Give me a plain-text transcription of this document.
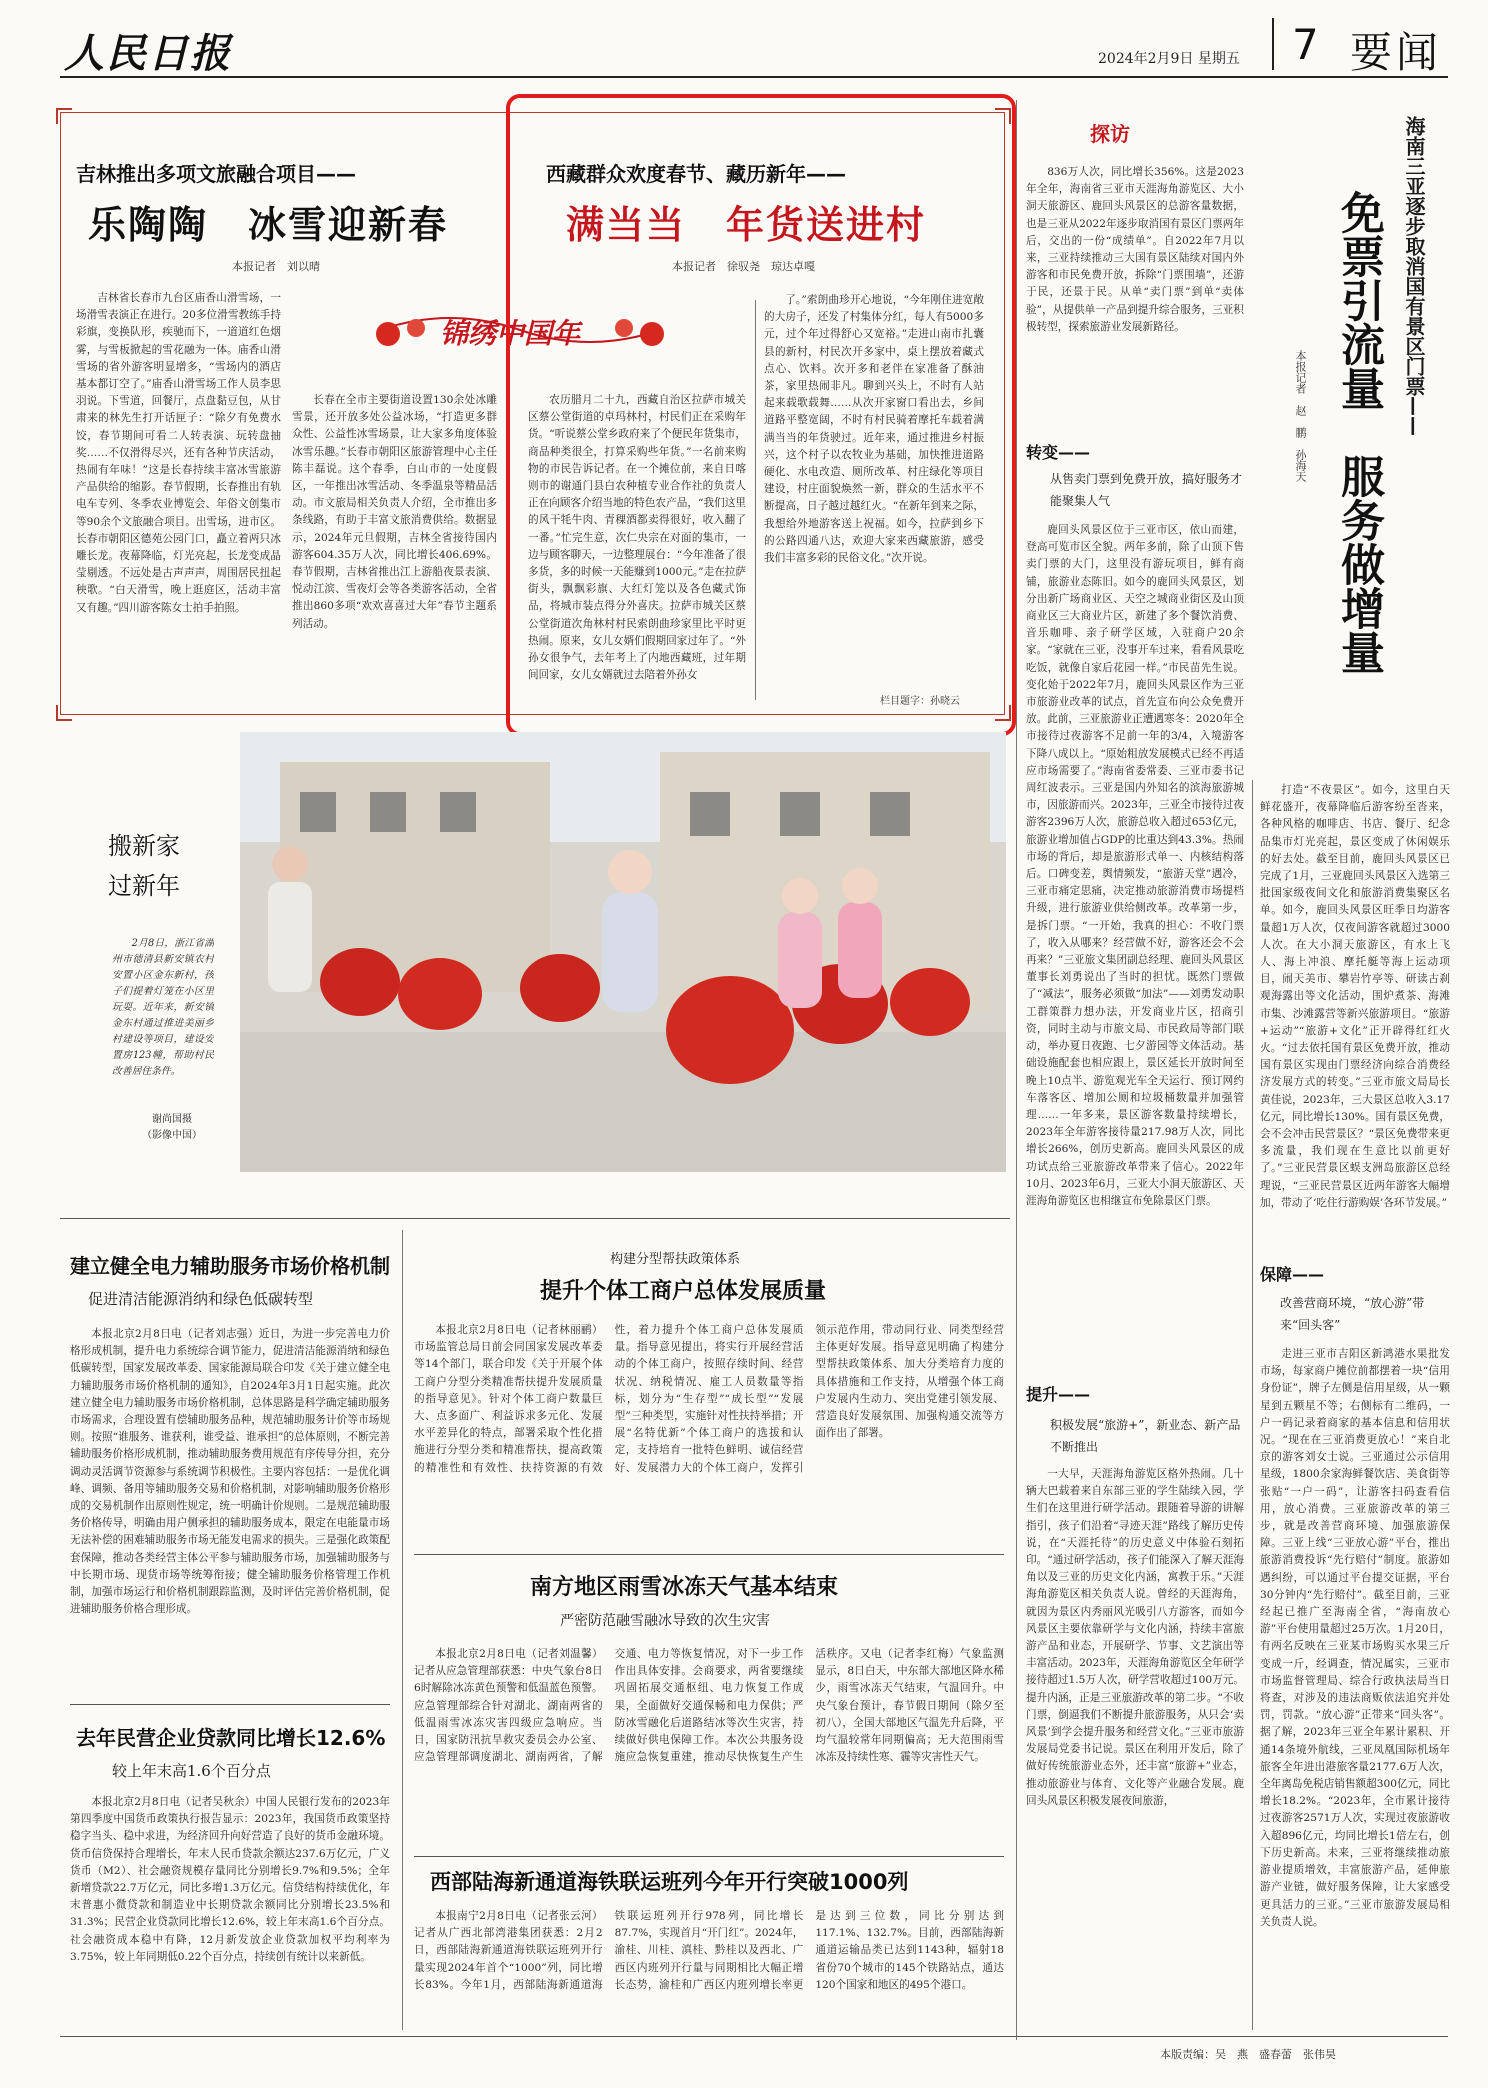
人民日报	2024年2月9日 星期五 7 要闻
吉林推出多项文旅融合项目——
乐陶陶　冰雪迎新春
本报记者　刘以晴

吉林省长春市九台区庙香山滑雪场，一场滑雪表演正在进行。20多位滑雪教练手持彩旗，变换队形，疾驰而下，一道道红色烟雾，与雪板掀起的雪花融为一体。庙香山滑雪场的省外游客明显增多，“雪场内的酒店基本都订空了。”庙香山滑雪场工作人员李思羽说。下雪道，回餐厅，点盘黏豆包，从甘肃来的林先生打开话匣子：“除夕有免费水饺，春节期间可看二人转表演、玩转盘抽奖……不仅滑得尽兴，还有各种节庆活动，热闹有年味！”这是长春持续丰富冰雪旅游产品供给的缩影。春节假期，长春推出有轨电车专列、冬季农业博览会、年俗文创集市等90余个文旅融合项目。出雪场，进市区。长春市朝阳区德苑公园门口，矗立着两只冰雕长龙。夜幕降临，灯光亮起，长龙变成晶莹剔透。不远处是古声声声，周围居民扭起秧歌。“白天滑雪，晚上逛庭区，活动丰富又有趣。”四川游客陈女士拍手拍照。

锦绣中国年

长春在全市主要街道设置130余处冰雕雪景，还开放多处公益冰场，“打造更多群众性、公益性冰雪场景，让大家多角度体验冰雪乐趣。”长春市朝阳区旅游管理中心主任陈丰磊说。这个春季，白山市的一处度假区，一年推出冰雪活动、冬季温泉等精品活动。市文旅局相关负责人介绍，全市推出多条线路，有助于丰富文旅消费供给。数据显示，2024年元旦假期，吉林全省接待国内游客604.35万人次，同比增长406.69%。春节假期，吉林省推出江上游船夜景表演、悦动江滨、雪夜灯会等各类游客活动，全省推出860多项“欢欢喜喜过大年”春节主题系列活动。

西藏群众欢度春节、藏历新年——
满当当　年货送进村
本报记者　徐驭尧　琼达卓嘎

农历腊月二十九，西藏自治区拉萨市城关区蔡公堂街道的卓玛林村，村民们正在采购年货。“听说蔡公堂乡政府来了个便民年货集市，商品种类很全，打算采购些年货。”一名前来购物的市民告诉记者。在一个摊位前，来自日喀则市的谢通门县白农种植专业合作社的负责人正在向顾客介绍当地的特色农产品，“我们这里的风干牦牛肉、青稞酒都卖得很好，收入翻了一番。”忙完生意，次仁央宗在对面的集市，一边与顾客聊天，一边整理展台：“今年准备了很多货，多的时候一天能赚到1000元。”走在拉萨街头，飘飘彩旗、大红灯笼以及各色藏式饰品，将城市装点得分外喜庆。拉萨市城关区蔡公堂街道次角林村村民索朗曲珍家里比平时更热闹。原来，女儿女婿们假期回家过年了。“外孙女很争气，去年考上了内地西藏班，过年期间回家，女儿女婿就过去陪着外孙女

了。”索朗曲珍开心地说，“今年刚住进宽敞的大房子，还发了村集体分红，每人有5000多元，过个年过得舒心又宽裕。”走进山南市扎囊县的新村，村民次开多家中，桌上摆放着藏式点心、饮料。次开多和老伴在家准备了酥油茶，家里热闹非凡。聊到兴头上，不时有人站起来载歌载舞……从次开家窗口看出去，乡间道路平整宽阔，不时有村民骑着摩托车载着满满当当的年货驶过。近年来，通过推进乡村振兴，这个村子以农牧业为基础，加快推进道路硬化、水电改造、厕所改革、村庄绿化等项目建设，村庄面貌焕然一新，群众的生活水平不断提高，日子越过越红火。“在新年到来之际，我想给外地游客送上祝福。如今，拉萨到乡下的公路四通八达，欢迎大家来西藏旅游，感受我们丰富多彩的民俗文化。”次开说。

栏目题字：孙晓云
搬新家
过新年

2月8日，浙江省湖州市德清县新安镇农村安置小区金东新村，孩子们提着灯笼在小区里玩耍。近年来，新安镇金东村通过推进美丽乡村建设等项目，建设安置房123幢，帮助村民改善居住条件。

谢尚国摄
（影像中国）
探访	海南三亚逐步取消国有景区门票——
免票引流量　服务做增量
本报记者　赵　鹏　孙海天

836万人次，同比增长356%。这是2023年全年，海南省三亚市天涯海角游览区、大小洞天旅游区、鹿回头风景区的总游客量数据，也是三亚从2022年逐步取消国有景区门票两年后，交出的一份“成绩单”。自2022年7月以来，三亚持续推动三大国有景区陆续对国内外游客和市民免费开放，拆除“门票围墙”，还游于民，还景于民。从单“卖门票”到单“卖体验”，从提供单一产品到提升综合服务，三亚积极转型，探索旅游业发展新路径。

转变——
从售卖门票到免费开放，搞好服务才能聚集人气

鹿回头风景区位于三亚市区，依山而建，登高可览市区全貌。两年多前，除了山顶下售卖门票的大门，这里没有游玩项目，鲜有商铺，旅游业态陈旧。如今的鹿回头风景区，划分出新广场商业区、天空之城商业街区及山顶商业区三大商业片区，新建了多个餐饮消费、音乐咖啡、亲子研学区域，入驻商户20余家。“家就在三亚，没事开车过来，看看风景吃吃饭，就像自家后花园一样。”市民苗先生说。变化始于2022年7月，鹿回头风景区作为三亚市旅游业改革的试点，首先宣布向公众免费开放。此前，三亚旅游业正遭遇寒冬：2020年全市接待过夜游客不足前一年的3/4，入境游客下降八成以上。“原始粗放发展模式已经不再适应市场需要了。”海南省委常委、三亚市委书记周红波表示。三亚是国内外知名的滨海旅游城市，因旅游而兴。2023年，三亚全市接待过夜游客2396万人次，旅游总收入超过653亿元，旅游业增加值占GDP的比重达到43.3%。热闹市场的背后，却是旅游形式单一、内核结构落后。口碑变差，舆情频发，“旅游天堂”遇冷，三亚市痛定思痛，决定推动旅游消费市场提档升级，进行旅游业供给侧改革。改革第一步，是拆门票。“一开始，我真的担心：不收门票了，收入从哪来？经营做不好，游客还会不会再来？”三亚旅文集团副总经理、鹿回头风景区董事长刘勇说出了当时的担忧。既然门票做了“减法”，服务必须做“加法”——刘勇发动职工群策群力想办法，开发商业片区，招商引资，同时主动与市旅文局、市民政局等部门联动，举办夏日夜跑、七夕游园等文体活动。基础设施配套也相应跟上，景区延长开放时间至晚上10点半、游览观光车全天运行、预订网约车落客区、增加公厕和垃圾桶数量并加强管理……一年多来，景区游客数量持续增长，2023年全年游客接待量217.98万人次，同比增长266%，创历史新高。鹿回头风景区的成功试点给三亚旅游改革带来了信心。2022年10月、2023年6月，三亚大小洞天旅游区、天涯海角游览区也相继宣布免除景区门票。

提升——
积极发展“旅游+”，新业态、新产品不断推出

一大早，天涯海角游览区格外热闹。几十辆大巴载着来自东部三亚的学生陆续入园，学生们在这里进行研学活动。跟随着导游的讲解指引，孩子们沿着“寻迹天涯”路线了解历史传说，在“天涯托待”的历史意义中体验石刻拓印。“通过研学活动，孩子们能深入了解天涯海角以及三亚的历史文化内涵，寓教于乐。”天涯海角游览区相关负责人说。曾经的天涯海角，就因为景区内秀丽风光吸引八方游客，而如今风景区主要依靠研学与文化内涵，持续丰富旅游产品和业态，开展研学、节事、文艺演出等丰富活动。2023年，天涯海角游览区全年研学接待超过1.5万人次，研学营收超过100万元。提升内涵，正是三亚旅游改革的第二步。“不收门票，倒逼我们不断提升旅游服务，从只会‘卖风景’到学会提升服务和经营文化。”三亚市旅游发展局党委书记说。景区在利用开发后，除了做好传统旅游业态外，还丰富“旅游+”业态，推动旅游业与体育、文化等产业融合发展。鹿回头风景区积极发展夜间旅游，

打造“不夜景区”。如今，这里白天鲜花盛开，夜幕降临后游客纷至沓来，各种风格的咖啡店、书店、餐厅、纪念品集市灯光亮起，景区变成了休闲娱乐的好去处。截至目前，鹿回头风景区已完成了1月，三亚鹿回头风景区入选第三批国家级夜间文化和旅游消费集聚区名单。如今，鹿回头风景区旺季日均游客量超1万人次，仅夜间游客就超过3000人次。在大小洞天旅游区，有水上飞人、海上冲浪、摩托艇等海上运动项目，闹天美市、攀岩竹亭等、研读古刹观海露出等文化活动，围炉煮茶、海滩市集、沙滩露营等新兴旅游项目。“旅游+运动”“旅游+文化”正开辟得红红火火。“过去依托国有景区免费开放，推动国有景区实现由门票经济向综合消费经济发展方式的转变。”三亚市旅文局局长黄佳说，2023年，三大景区总收入3.17亿元，同比增长130%。国有景区免费，会不会冲击民营景区？“景区免费带来更多流量，我们现在生意比以前更好了。”三亚民营景区蜈支洲岛旅游区总经理说，“三亚民营景区近两年游客大幅增加，带动了‘吃住行游购娱’各环节发展。”

保障——
改善营商环境，“放心游”带来“回头客”

走进三亚市吉阳区新鸿港水果批发市场，每家商户摊位前都摆着一块“信用身份证”，牌子左侧是信用星级，从一颗星到五颗星不等；右侧标有二维码，一户一码记录着商家的基本信息和信用状况。“现在在三亚消费更放心！”来自北京的游客刘女士说。三亚通过公示信用星级，1800余家海鲜餐饮店、美食街等张贴“一户一码”，让游客扫码查看信用，放心消费。三亚旅游改革的第三步，就是改善营商环境、加强旅游保障。三亚上线“三亚放心游”平台，推出旅游消费投诉“先行赔付”制度。旅游如遇纠纷，可以通过平台提交证据，平台30分钟内“先行赔付”。截至目前，三亚经起已推广至海南全省，“海南放心游”平台使用量超过25万次。1月20日，有两名反映在三亚某市场购买水果三斤变成一斤，经调查，情况属实，三亚市市场监督管理局、综合行政执法局当日将查，对涉及的违法商贩依法追究并处罚，罚款。“放心游”正带来“回头客”。据了解，2023年三亚全年累计累积、开通14条境外航线，三亚凤凰国际机场年旅客全年进出港旅客量2177.6万人次，全年离岛免税店销售额超300亿元，同比增长18.2%。“2023年，全市累计接待过夜游客2571万人次，实现过夜旅游收入超896亿元，均同比增长1倍左右，创下历史新高。未来，三亚将继续推动旅游业提质增效，丰富旅游产品，延伸旅游产业链，做好服务保障，让大家感受更具活力的三亚。”三亚市旅游发展局相关负责人说。

建立健全电力辅助服务市场价格机制
促进清洁能源消纳和绿色低碳转型

本报北京2月8日电（记者刘志强）近日，为进一步完善电力价格形成机制，提升电力系统综合调节能力，促进清洁能源消纳和绿色低碳转型，国家发展改革委、国家能源局联合印发《关于建立健全电力辅助服务市场价格机制的通知》，自2024年3月1日起实施。此次建立健全电力辅助服务市场价格机制，总体思路是科学确定辅助服务市场需求，合理设置有偿辅助服务品种，规范辅助服务计价等市场规则。按照“谁服务、谁获利，谁受益、谁承担”的总体原则，不断完善辅助服务价格形成机制，推动辅助服务费用规范有序传导分担，充分调动灵活调节资源参与系统调节积极性。主要内容包括：一是优化调峰、调频、备用等辅助服务交易和价格机制，对影响辅助服务价格形成的交易机制作出原则性规定，统一明确计价规则。二是规范辅助服务价格传导，明确由用户侧承担的辅助服务成本，限定在电能量市场无法补偿的困难辅助服务市场无能发电需求的损失。三是强化政策配套保障，推动各类经营主体公平参与辅助服务市场，加强辅助服务与中长期市场、现货市场等统筹衔接；健全辅助服务价格管理工作机制，加强市场运行和价格机制跟踪监测，及时评估完善价格机制，促进辅助服务价格合理形成。

去年民营企业贷款同比增长12.6%
较上年末高1.6个百分点

本报北京2月8日电（记者吴秋余）中国人民银行发布的2023年第四季度中国货币政策执行报告显示：2023年，我国货币政策坚持稳字当头、稳中求进，为经济回升向好营造了良好的货币金融环境。货币信贷保持合理增长，年末人民币贷款余额达237.6万亿元，广义货币（M2）、社会融资规模存量同比分别增长9.7%和9.5%；全年新增贷款22.7万亿元，同比多增1.3万亿元。信贷结构持续优化，年末普惠小微贷款和制造业中长期贷款余额同比分别增长23.5%和31.3%；民营企业贷款同比增长12.6%，较上年末高1.6个百分点。社会融资成本稳中有降，12月新发放企业贷款加权平均利率为3.75%，较上年同期低0.22个百分点，持续创有统计以来新低。

构建分型帮扶政策体系
提升个体工商户总体发展质量

本报北京2月8日电（记者林丽鹂）市场监管总局日前会同国家发展改革委等14个部门，联合印发《关于开展个体工商户分型分类精准帮扶提升发展质量的指导意见》。针对个体工商户数量巨大、点多面广、利益诉求多元化、发展水平差异化的特点，部署采取个性化措施进行分型分类和精准帮扶，提高政策的精准性和有效性、扶持资源的有效性，着力提升个体工商户总体发展质量。指导意见提出，将实行开展经营活动的个体工商户，按照存续时间、经营状况、纳税情况、雇工人员数量等指标，划分为“生存型”“成长型”“发展型”三种类型，实施针对性扶持举措；开展“名特优新”个体工商户的选拔和认定，支持培育一批特色鲜明、诚信经营好、发展潜力大的个体工商户，发挥引领示范作用，带动同行业、同类型经营主体更好发展。指导意见明确了构建分型帮扶政策体系、加大分类培育力度的具体措施和工作支持，从增强个体工商户发展内生动力、突出党建引领发展、营造良好发展氛围、加强构通交流等方面作出了部署。

南方地区雨雪冰冻天气基本结束
严密防范融雪融冰导致的次生灾害

本报北京2月8日电（记者刘温馨）记者从应急管理部获悉：中央气象台8日6时解除冰冻黄色预警和低温蓝色预警。应急管理部综合针对湖北、湖南两省的低温雨雪冰冻灾害四级应急响应。当日，国家防汛抗旱救灾委员会办公室、应急管理部调度湖北、湖南两省，了解交通、电力等恢复情况，对下一步工作作出具体安排。会商要求，两省要继续巩固拓展交通枢纽、电力恢复工作成果，全面做好交通保畅和电力保供；严防冰雪融化后道路结冰等次生灾害，持续做好供电保障工作。本次公共服务设施应急恢复重建，推动尽快恢复生产生活秩序。又电（记者李红梅）气象监测显示，8日白天，中东部大部地区降水稀少，雨雪冰冻天气结束，气温回升。中央气象台预计，春节假日期间（除夕至初八），全国大部地区气温先升后降，平均气温较常年同期偏高；无大范围雨雪冰冻及持续性寒、霾等灾害性天气。

西部陆海新通道海铁联运班列今年开行突破1000列

本报南宁2月8日电（记者张云河）记者从广西北部湾港集团获悉：2月2日，西部陆海新通道海铁联运班列开行量实现2024年首个“1000”列，同比增长83%。今年1月，西部陆海新通道海铁联运班列开行978列，同比增长87.7%，实现首月“开门红”。2024年，渝桂、川桂、滇桂、黔桂以及西北、广西区内班列开行量与同期相比大幅正增长态势，渝桂和广西区内班列增长率更是达到三位数，同比分别达到117.1%、132.7%。目前，西部陆海新通道运输品类已达到1143种，辐射18省份70个城市的145个铁路站点，通达120个国家和地区的495个港口。

本版责编：吴　燕　盛春蕾　张伟昊
